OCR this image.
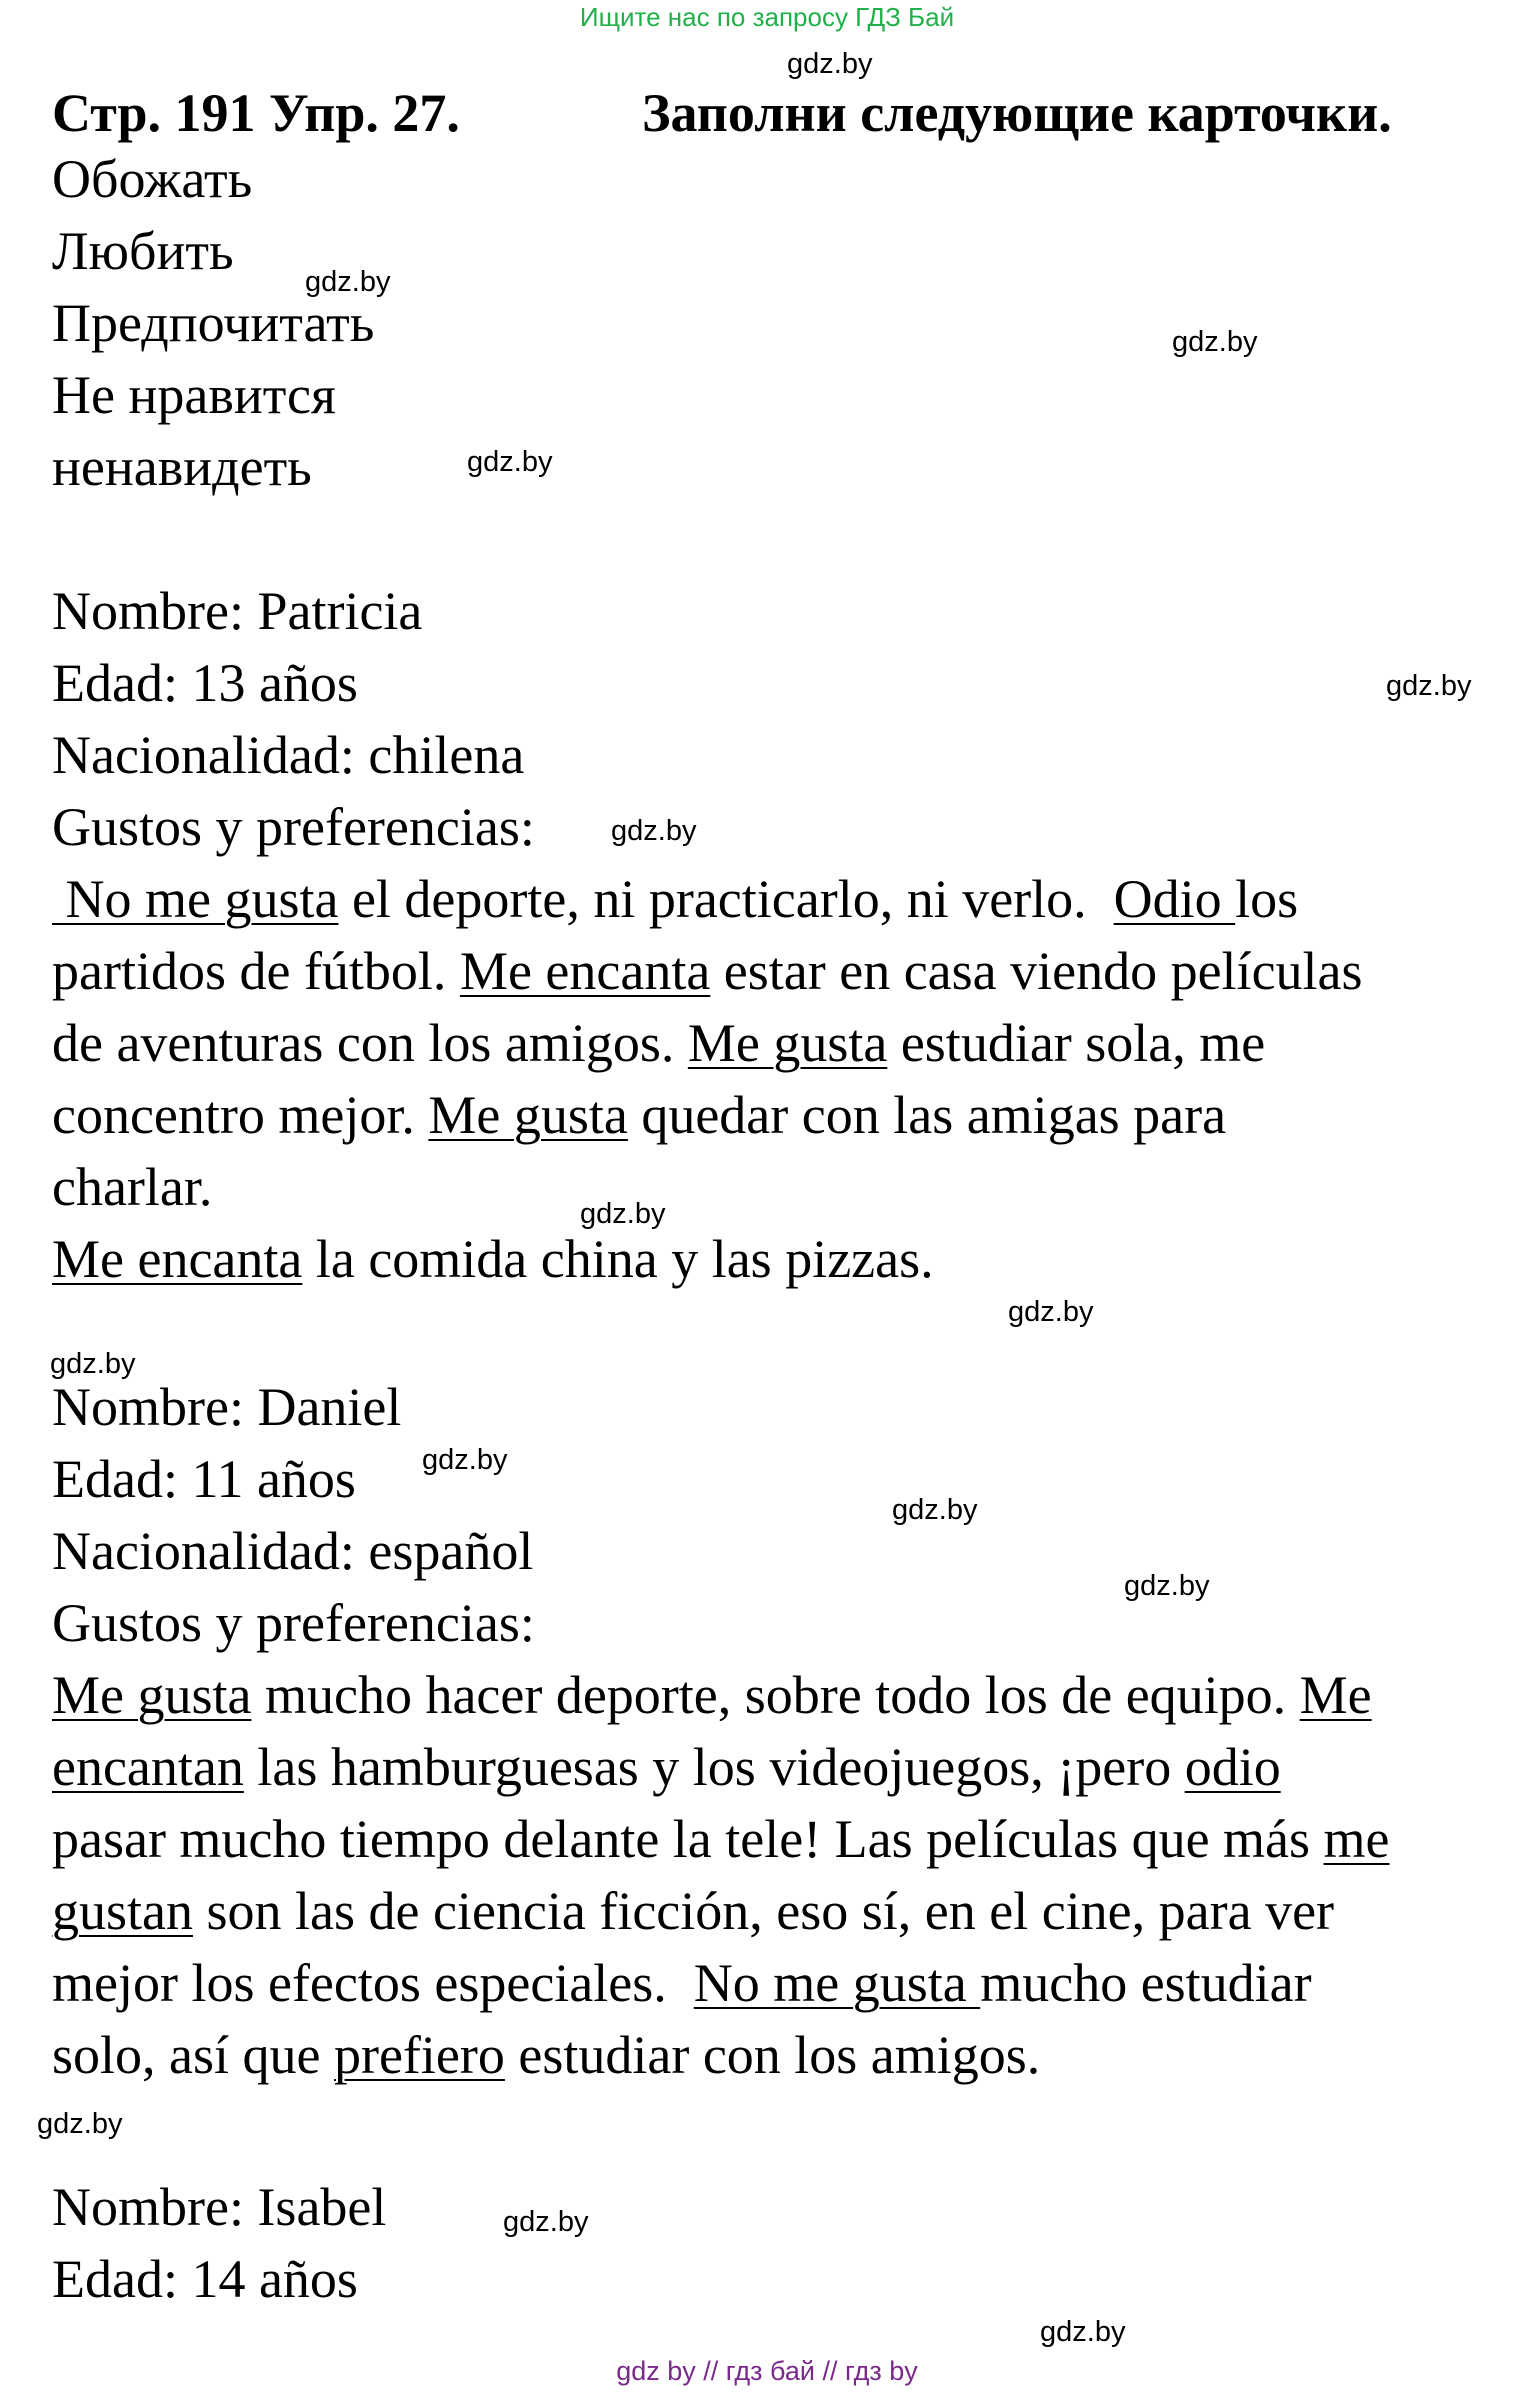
Ищите нас по запросу ГДЗ Бай
Стр. 191 Упр. 27.	Заполни следующие карточки.
Обожать
Любить
Предпочитать
Не нравится
ненавидеть
Nombre: Patricia
Edad: 13 años
Nacionalidad: chilena
Gustos y preferencias:
No me gusta el deporte, ni practicarlo, ni verlo.  Odio los
partidos de fútbol. Me encanta estar en casa viendo películas
de aventuras con los amigos. Me gusta estudiar sola, me
concentro mejor. Me gusta quedar con las amigas para
charlar.
Me encanta la comida china y las pizzas.
Nombre: Daniel
Edad: 11 años
Nacionalidad: español
Gustos y preferencias:
Me gusta mucho hacer deporte, sobre todo los de equipo. Me
encantan las hamburguesas y los videojuegos, ¡pero odio
pasar mucho tiempo delante la tele! Las películas que más me
gustan son las de ciencia ficción, eso sí, en el cine, para ver
mejor los efectos especiales.  No me gusta mucho estudiar
solo, así que prefiero estudiar con los amigos.
Nombre: Isabel
Edad: 14 años
gdz.by
gdz.by
gdz.by
gdz.by
gdz.by
gdz.by
gdz.by
gdz.by
gdz.by
gdz.by
gdz.by
gdz.by
gdz.by
gdz.by
gdz.by
gdz by // гдз бай // гдз by
